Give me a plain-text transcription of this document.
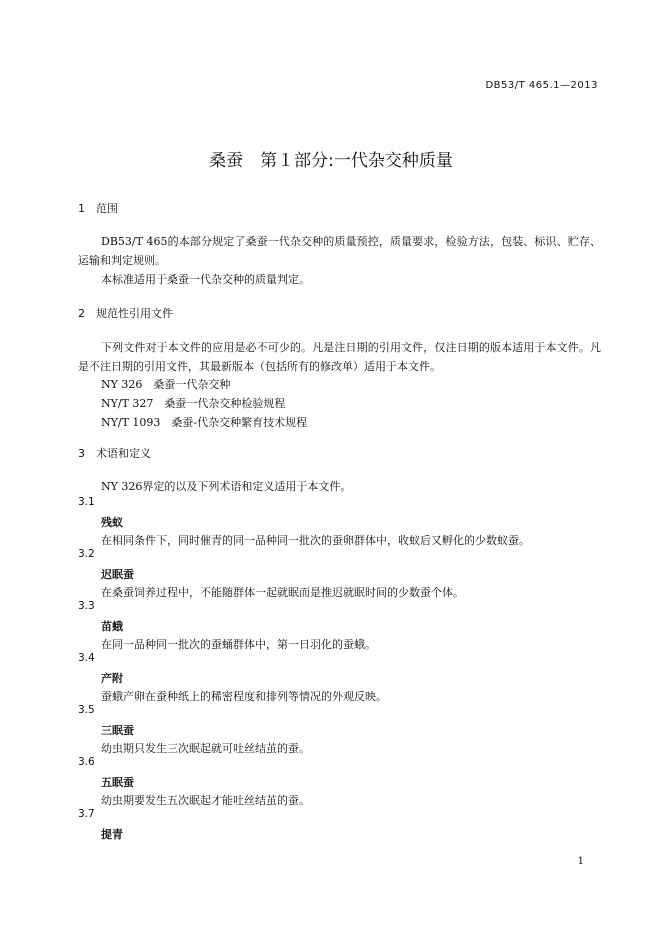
DB53/T 465.1—2013
桑蚕　第１部分:一代杂交种质量
1 范围

DB53/T 465的本部分规定了桑蚕一代杂交种的质量预控，质量要求，检验方法，包装、标识、贮存、运输和判定规则。

本标准适用于桑蚕一代杂交种的质量判定。

2 规范性引用文件

下列文件对于本文件的应用是必不可少的。凡是注日期的引用文件，仅注日期的版本适用于本文件。凡是不注日期的引用文件，其最新版本（包括所有的修改单）适用于本文件。

NY 326　桑蚕一代杂交种
NY/T 327　桑蚕一代杂交种检验规程
NY/T 1093　桑蚕-代杂交种繁育技术规程
3 术语和定义

NY 326界定的以及下列术语和定义适用于本文件。

3.1
残蚁
在相同条件下，同时催青的同一品种同一批次的蚕卵群体中，收蚁后又孵化的少数蚁蚕。
3.2
迟眠蚕
在桑蚕饲养过程中，不能随群体一起就眠而是推迟就眠时间的少数蚕个体。
3.3
苗蛾
在同一品种同一批次的蚕蛹群体中，第一日羽化的蚕蛾。
3.4
产附
蚕蛾产卵在蚕种纸上的稀密程度和排列等情况的外观反映。
3.5
三眠蚕
幼虫期只发生三次眠起就可吐丝结茧的蚕。
3.6
五眠蚕
幼虫期要发生五次眠起才能吐丝结茧的蚕。
3.7
提青
1
